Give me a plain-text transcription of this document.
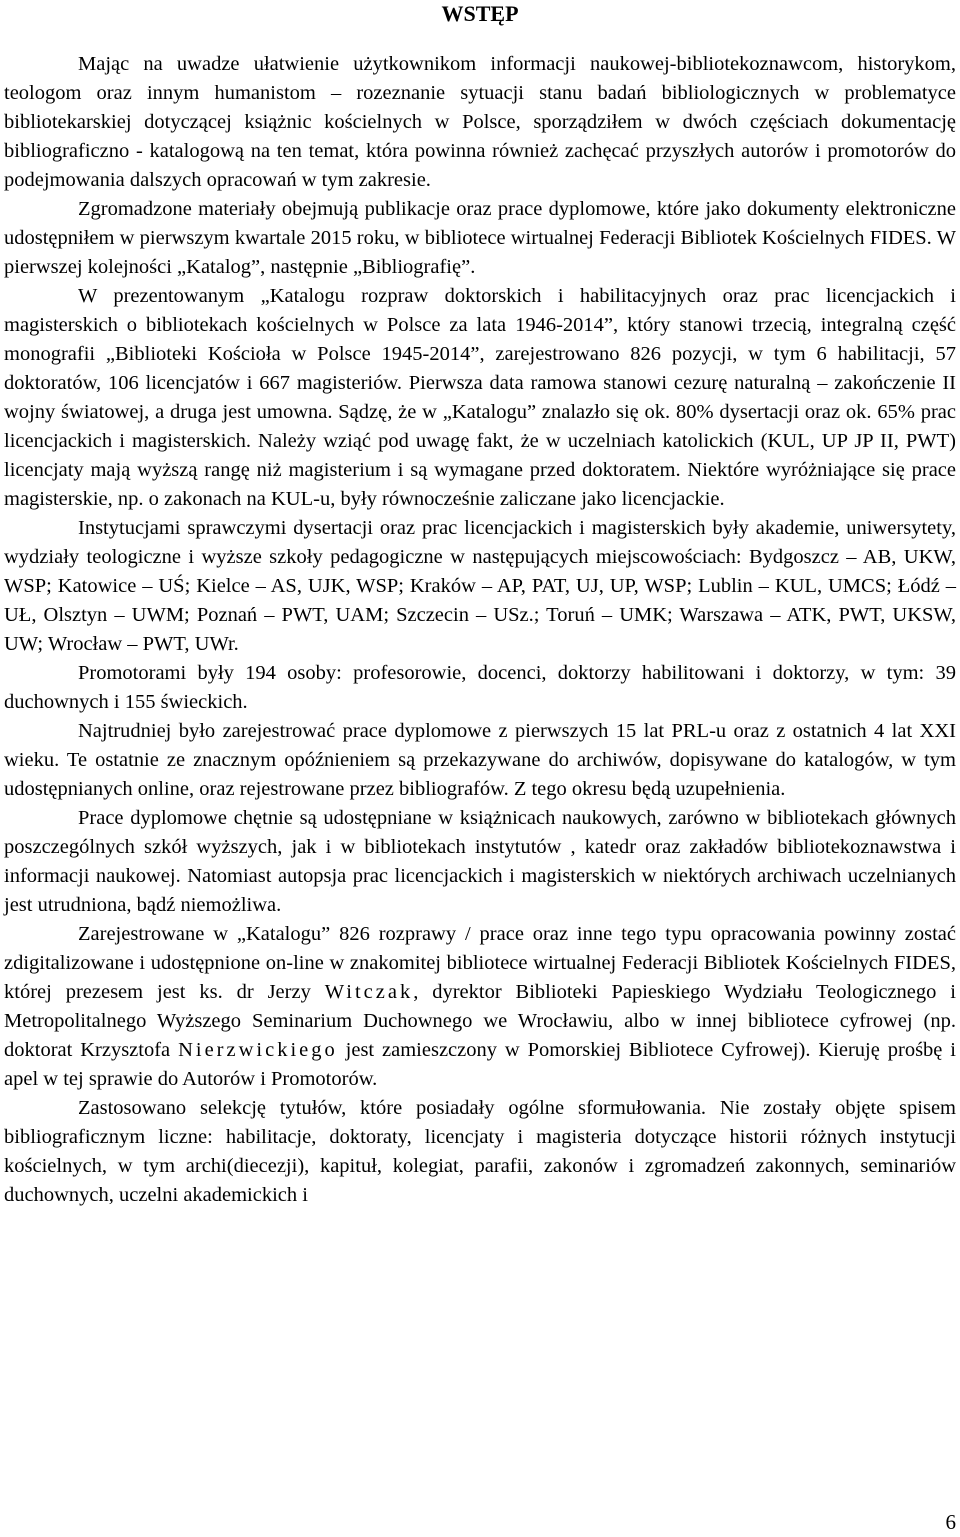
WSTĘP

Mając na uwadze ułatwienie użytkownikom informacji naukowej-bibliotekoznawcom, historykom, teologom oraz innym humanistom – rozeznanie sytuacji stanu badań bibliologicznych w problematyce bibliotekarskiej dotyczącej książnic kościelnych w Polsce, sporządziłem w dwóch częściach dokumentację bibliograficzno - katalogową na ten temat, która powinna również zachęcać przyszłych autorów i promotorów do podejmowania dalszych opracowań w tym zakresie.

Zgromadzone materiały obejmują publikacje oraz prace dyplomowe, które jako dokumenty elektroniczne udostępniłem w pierwszym kwartale 2015 roku, w bibliotece wirtualnej Federacji Bibliotek Kościelnych FIDES. W pierwszej kolejności „Katalog”, następnie „Bibliografię”.

W prezentowanym „Katalogu rozpraw doktorskich i habilitacyjnych oraz prac licencjackich i magisterskich o bibliotekach kościelnych w Polsce za lata 1946-2014”, który stanowi trzecią, integralną część monografii „Biblioteki Kościoła w Polsce 1945-2014”, zarejestrowano 826 pozycji, w tym 6 habilitacji, 57 doktoratów, 106 licencjatów i 667 magisteriów. Pierwsza data ramowa stanowi cezurę naturalną – zakończenie II wojny światowej, a druga jest umowna. Sądzę, że w „Katalogu” znalazło się ok. 80% dysertacji oraz ok. 65% prac licencjackich i magisterskich. Należy wziąć pod uwagę fakt, że w uczelniach katolickich (KUL, UP JP II, PWT) licencjaty mają wyższą rangę niż magisterium i są wymagane przed doktoratem. Niektóre wyróżniające się prace magisterskie, np. o zakonach na KUL-u, były równocześnie zaliczane jako licencjackie.

Instytucjami sprawczymi dysertacji oraz prac licencjackich i magisterskich były akademie, uniwersytety, wydziały teologiczne i wyższe szkoły pedagogiczne w następujących miejscowościach: Bydgoszcz – AB, UKW, WSP; Katowice – UŚ; Kielce – AS, UJK, WSP; Kraków – AP, PAT, UJ, UP, WSP; Lublin – KUL, UMCS; Łódź – UŁ, Olsztyn – UWM; Poznań – PWT, UAM; Szczecin – USz.; Toruń – UMK; Warszawa – ATK, PWT, UKSW, UW; Wrocław – PWT, UWr.

Promotorami były 194 osoby: profesorowie, docenci, doktorzy habilitowani i doktorzy, w tym: 39 duchownych i 155 świeckich.

Najtrudniej było zarejestrować prace dyplomowe z pierwszych 15 lat PRL-u oraz z ostatnich 4 lat XXI wieku. Te ostatnie ze znacznym opóźnieniem są przekazywane do archiwów, dopisywane do katalogów, w tym udostępnianych online, oraz rejestrowane przez bibliografów. Z tego okresu będą uzupełnienia.

Prace dyplomowe chętnie są udostępniane w książnicach naukowych, zarówno w bibliotekach głównych poszczególnych szkół wyższych, jak i w bibliotekach instytutów , katedr oraz zakładów bibliotekoznawstwa i informacji naukowej. Natomiast autopsja prac licencjackich i magisterskich w niektórych archiwach uczelnianych jest utrudniona, bądź niemożliwa.

Zarejestrowane w „Katalogu” 826 rozprawy / prace oraz inne tego typu opracowania powinny zostać zdigitalizowane i udostępnione on-line w znakomitej bibliotece wirtualnej Federacji Bibliotek Kościelnych FIDES, której prezesem jest ks. dr Jerzy Witczak, dyrektor Biblioteki Papieskiego Wydziału Teologicznego i Metropolitalnego Wyższego Seminarium Duchownego we Wrocławiu, albo w innej bibliotece cyfrowej (np. doktorat Krzysztofa Nierzwickiego jest zamieszczony w Pomorskiej Bibliotece Cyfrowej). Kieruję prośbę i apel w tej sprawie do Autorów i Promotorów.

Zastosowano selekcję tytułów, które posiadały ogólne sformułowania. Nie zostały objęte spisem bibliograficznym liczne: habilitacje, doktoraty, licencjaty i magisteria dotyczące historii różnych instytucji kościelnych, w tym archi(diecezji), kapituł, kolegiat, parafii, zakonów i zgromadzeń zakonnych, seminariów duchownych, uczelni akademickich i

6
